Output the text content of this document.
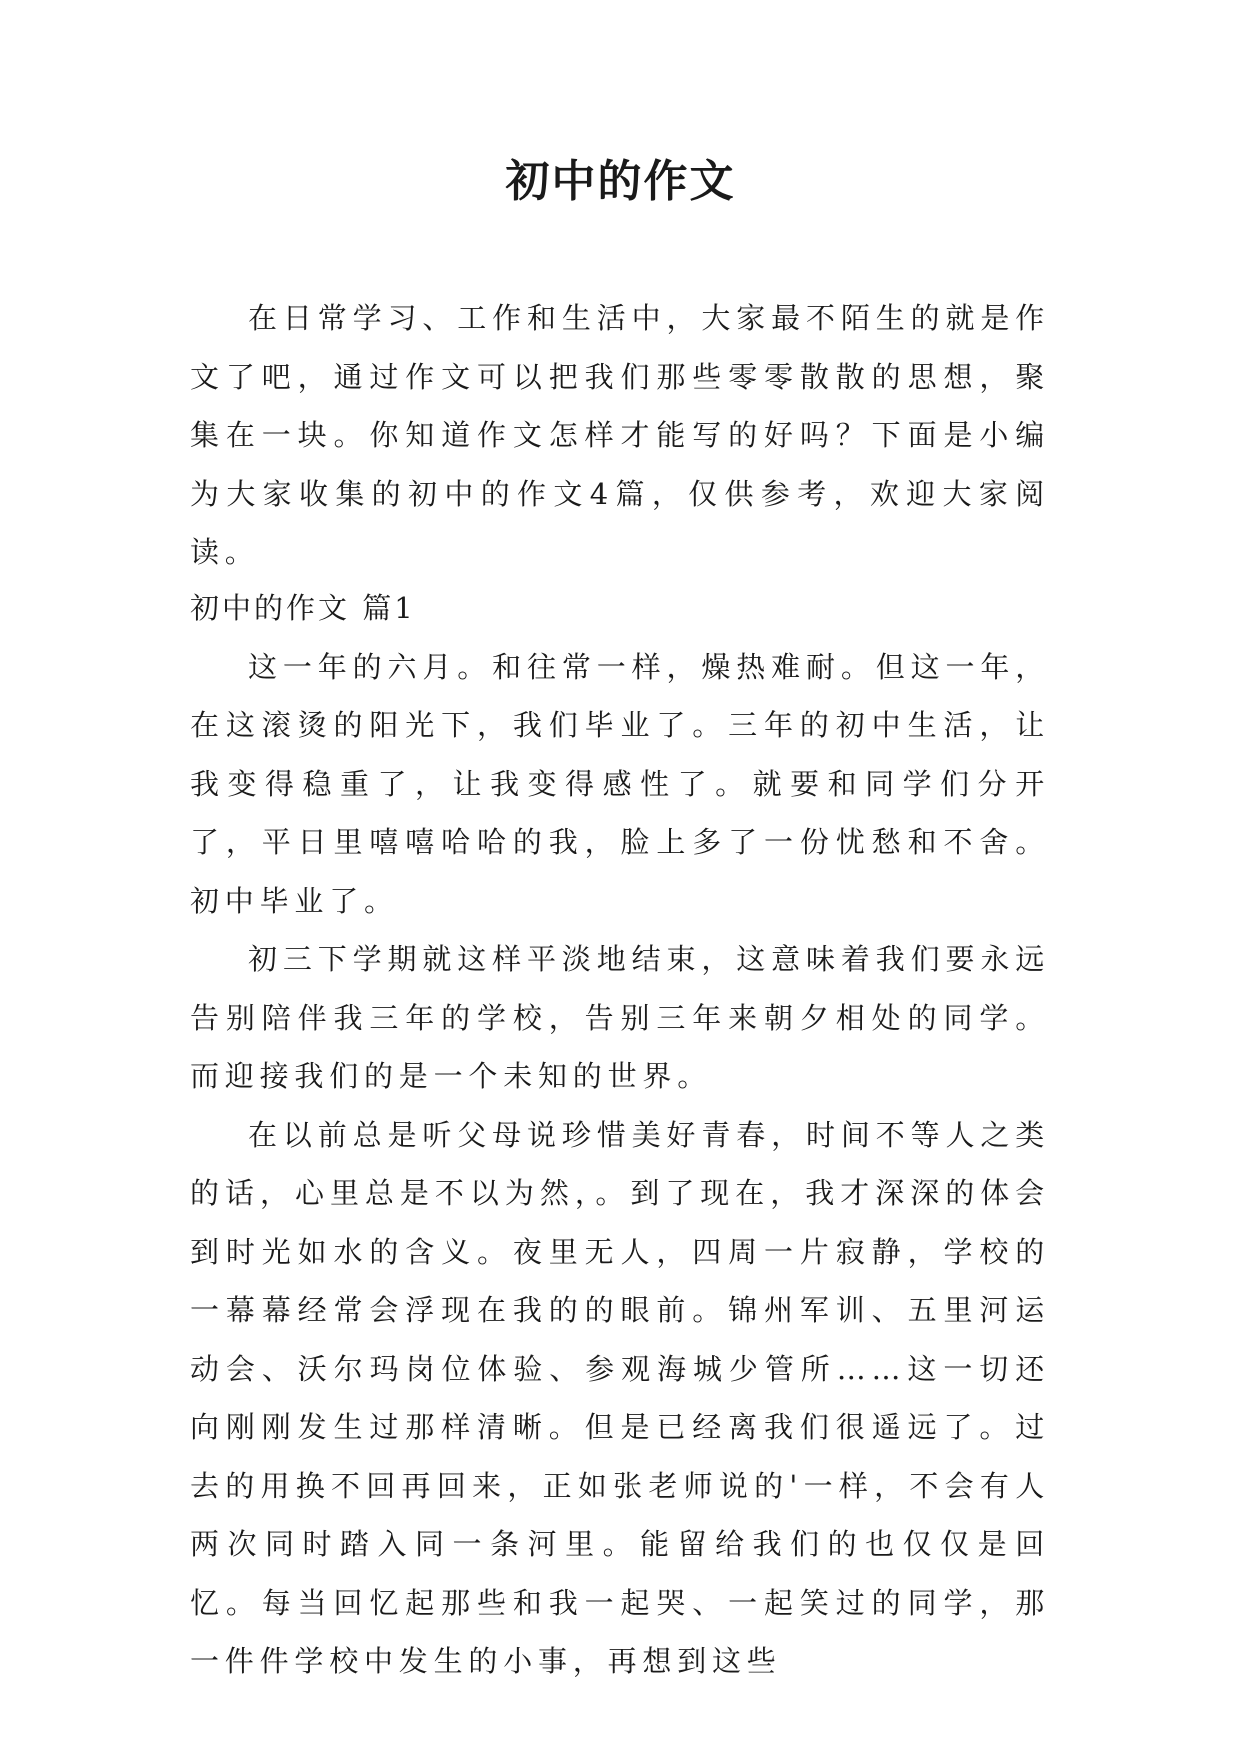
初中的作文

在日常学习、工作和生活中，大家最不陌生的就是作文了吧，通过作文可以把我们那些零零散散的思想，聚集在一块。你知道作文怎样才能写的好吗？下面是小编为大家收集的初中的作文4篇，仅供参考，欢迎大家阅读。

初中的作文 篇1

这一年的六月。和往常一样，燥热难耐。但这一年，在这滚烫的阳光下，我们毕业了。三年的初中生活，让我变得稳重了，让我变得感性了。就要和同学们分开了，平日里嘻嘻哈哈的我，脸上多了一份忧愁和不舍。初中毕业了。

初三下学期就这样平淡地结束，这意味着我们要永远告别陪伴我三年的学校，告别三年来朝夕相处的同学。而迎接我们的是一个未知的世界。

在以前总是听父母说珍惜美好青春，时间不等人之类的话，心里总是不以为然，。到了现在，我才深深的体会到时光如水的含义。夜里无人，四周一片寂静，学校的一幕幕经常会浮现在我的的眼前。锦州军训、五里河运动会、沃尔玛岗位体验、参观海城少管所……这一切还向刚刚发生过那样清晰。但是已经离我们很遥远了。过去的用换不回再回来，正如张老师说的'一样，不会有人两次同时踏入同一条河里。能留给我们的也仅仅是回忆。每当回忆起那些和我一起哭、一起笑过的同学，那一件件学校中发生的小事，再想到这些
